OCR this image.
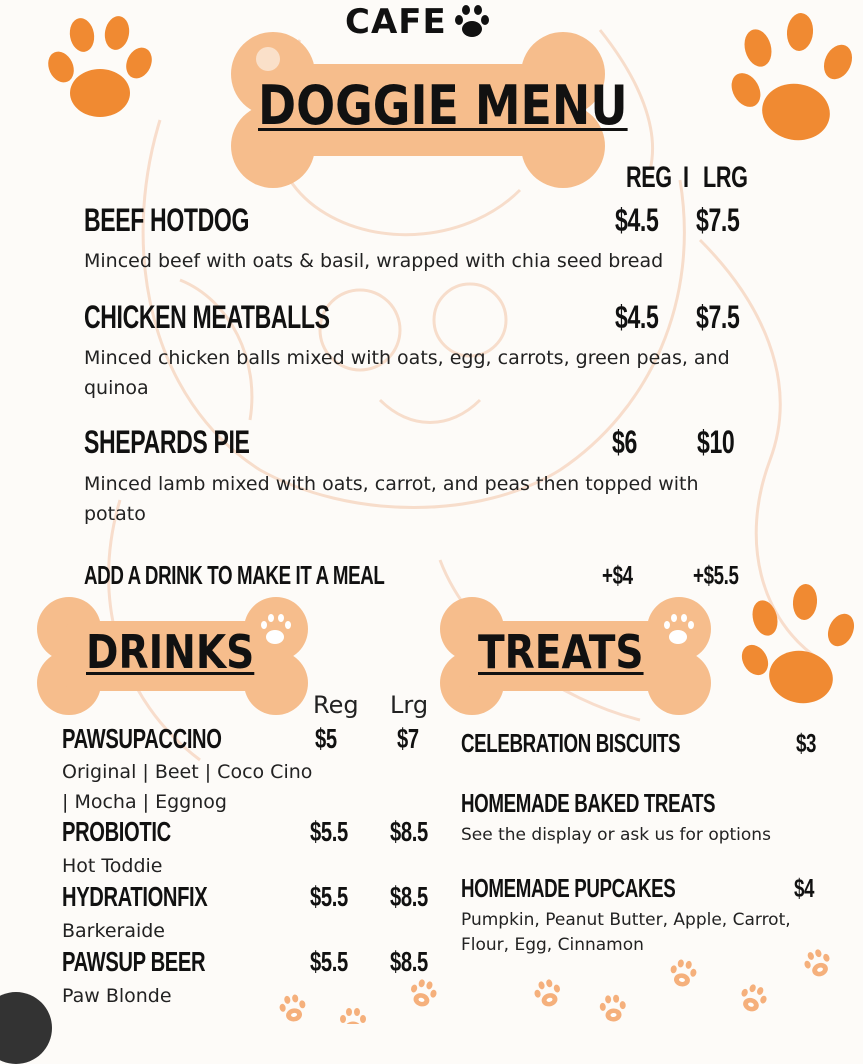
CAFE
DOGGIE MENU
REG I LRG
BEEF HOTDOG	$4.5 $7.5
Minced beef with oats & basil, wrapped with chia seed bread
CHICKEN MEATBALLS	$4.5 $7.5
Minced chicken balls mixed with oats, egg, carrots, green peas, and
quinoa
SHEPARDS PIE	$6 $10
Minced lamb mixed with oats, carrot, and peas then topped with
potato
ADD A DRINK TO MAKE IT A MEAL	+$4 +$5.5
DRINKS	TREATS
Reg Lrg
PAWSUPACCINO	$5 $7
Original | Beet | Coco Cino
| Mocha | Eggnog
PROBIOTIC	$5.5 $8.5
Hot Toddie
HYDRATIONFIX	$5.5 $8.5
Barkeraide
PAWSUP BEER	$5.5 $8.5
Paw Blonde
CELEBRATION BISCUITS	$3
HOMEMADE BAKED TREATS
See the display or ask us for options
HOMEMADE PUPCAKES	$4
Pumpkin, Peanut Butter, Apple, Carrot,
Flour, Egg, Cinnamon
